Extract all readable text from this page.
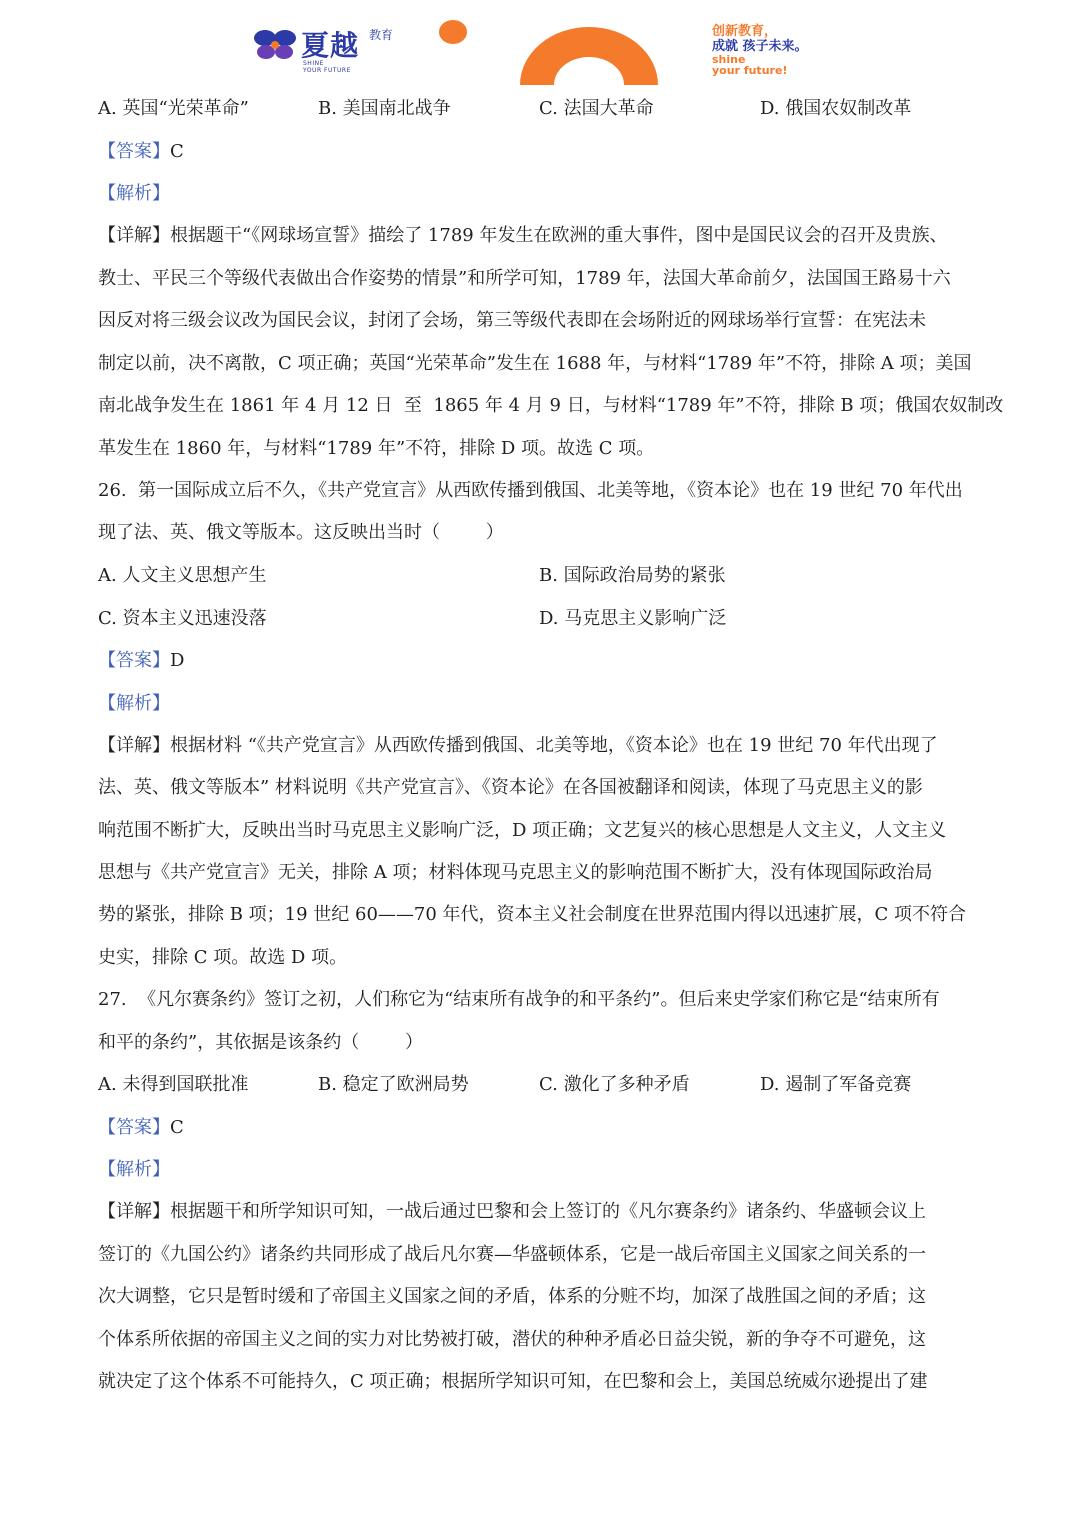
夏越 教育
SHINE
YOUR FUTURE
创新教育，
成就 孩子未来。
shine
your future!
A. 英国“光荣革命”	B. 美国南北战争	C. 法国大革命	D. 俄国农奴制改革
【答案】C
【解析】
【详解】根据题干“《网球场宣誓》描绘了 1789 年发生在欧洲的重大事件，图中是国民议会的召开及贵族、
教士、平民三个等级代表做出合作姿势的情景”和所学可知，1789 年，法国大革命前夕，法国国王路易十六
因反对将三级会议改为国民会议，封闭了会场，第三等级代表即在会场附近的网球场举行宣誓：在宪法未
制定以前，决不离散，C 项正确；英国“光荣革命”发生在 1688 年，与材料“1789 年”不符，排除 A 项；美国
南北战争发生在 1861 年 4 月 12 日  至  1865 年 4 月 9 日，与材料“1789 年”不符，排除 B 项；俄国农奴制改
革发生在 1860 年，与材料“1789 年”不符，排除 D 项。故选 C 项。
26.  第一国际成立后不久，《共产党宣言》从西欧传播到俄国、北美等地，《资本论》也在 19 世纪 70 年代出
现了法、英、俄文等版本。这反映出当时（        ）
A. 人文主义思想产生	B. 国际政治局势的紧张
C. 资本主义迅速没落	D. 马克思主义影响广泛
【答案】D
【解析】
【详解】根据材料 “《共产党宣言》从西欧传播到俄国、北美等地，《资本论》也在 19 世纪 70 年代出现了
法、英、俄文等版本” 材料说明《共产党宣言》、《资本论》在各国被翻译和阅读，体现了马克思主义的影
响范围不断扩大，反映出当时马克思主义影响广泛，D 项正确；文艺复兴的核心思想是人文主义，人文主义
思想与《共产党宣言》无关，排除 A 项；材料体现马克思主义的影响范围不断扩大，没有体现国际政治局
势的紧张，排除 B 项；19 世纪 60——70 年代，资本主义社会制度在世界范围内得以迅速扩展，C 项不符合
史实，排除 C 项。故选 D 项。
27.  《凡尔赛条约》签订之初，人们称它为“结束所有战争的和平条约”。但后来史学家们称它是“结束所有
和平的条约”，其依据是该条约（        ）
A. 未得到国联批准	B. 稳定了欧洲局势	C. 激化了多种矛盾	D. 遏制了军备竞赛
【答案】C
【解析】
【详解】根据题干和所学知识可知，一战后通过巴黎和会上签订的《凡尔赛条约》诸条约、华盛顿会议上
签订的《九国公约》诸条约共同形成了战后凡尔赛—华盛顿体系，它是一战后帝国主义国家之间关系的一
次大调整，它只是暂时缓和了帝国主义国家之间的矛盾，体系的分赃不均，加深了战胜国之间的矛盾；这
个体系所依据的帝国主义之间的实力对比势被打破，潜伏的种种矛盾必日益尖锐，新的争夺不可避免，这
就决定了这个体系不可能持久，C 项正确；根据所学知识可知，在巴黎和会上，美国总统威尔逊提出了建
